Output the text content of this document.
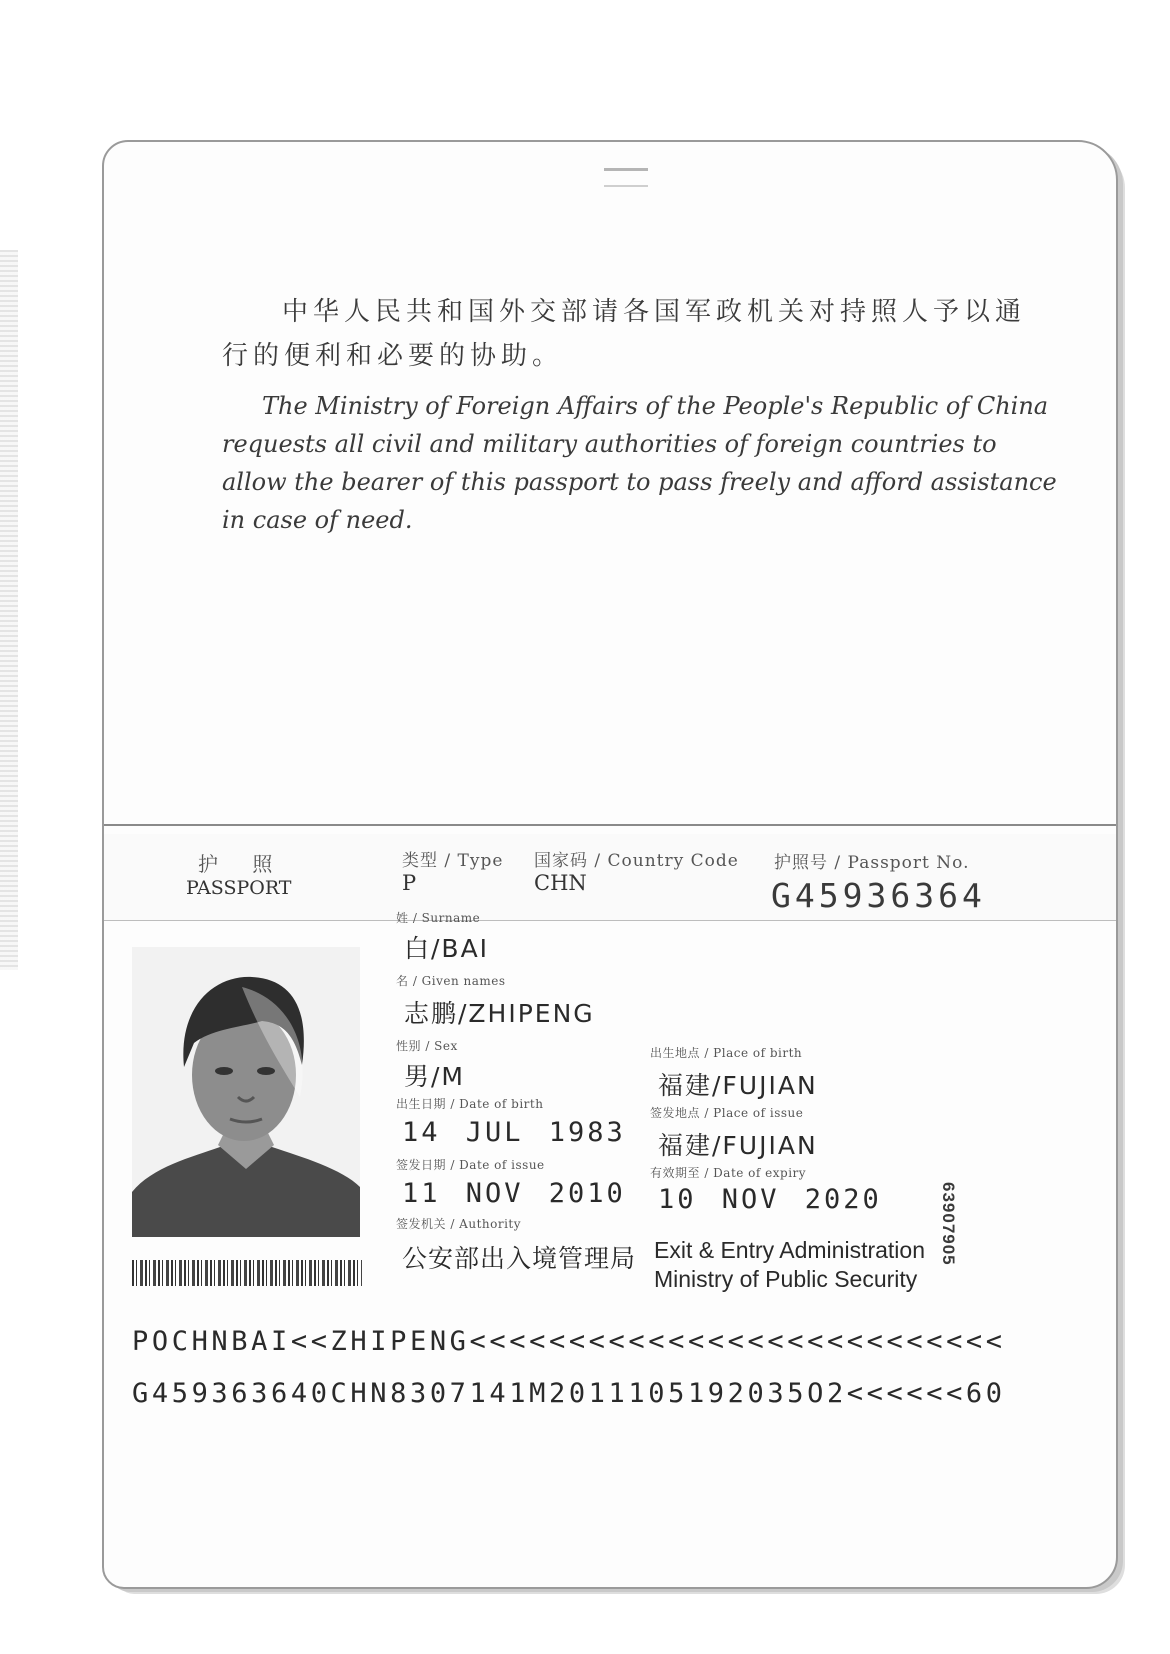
中华人民共和国外交部请各国军政机关对持照人予以通行的便利和必要的协助。
The Ministry of Foreign Affairs of the People's Republic of China requests all civil and military authorities of foreign countries to allow the bearer of this passport to pass freely and afford assistance in case of need.
护 照
PASSPORT
类型 / Type
P
国家码 / Country Code
CHN
护照号 / Passport No.
G45936364
姓 / Surname
白/BAI
名 / Given names
志鹏/ZHIPENG
性别 / Sex
男/M
出生地点 / Place of birth
福建/FUJIAN
出生日期 / Date of birth
14 JUL 1983
签发地点 / Place of issue
福建/FUJIAN
签发日期 / Date of issue
11 NOV 2010
有效期至 / Date of expiry
10 NOV 2020
签发机关 / Authority
公安部出入境管理局 Exit & Entry Administration
Ministry of Public Security
63907905
POCHNBAI<<ZHIPENG<<<<<<<<<<<<<<<<<<<<<<<<<<<
G459363640CHN8307141M2011105192035O2<<<<<<60
